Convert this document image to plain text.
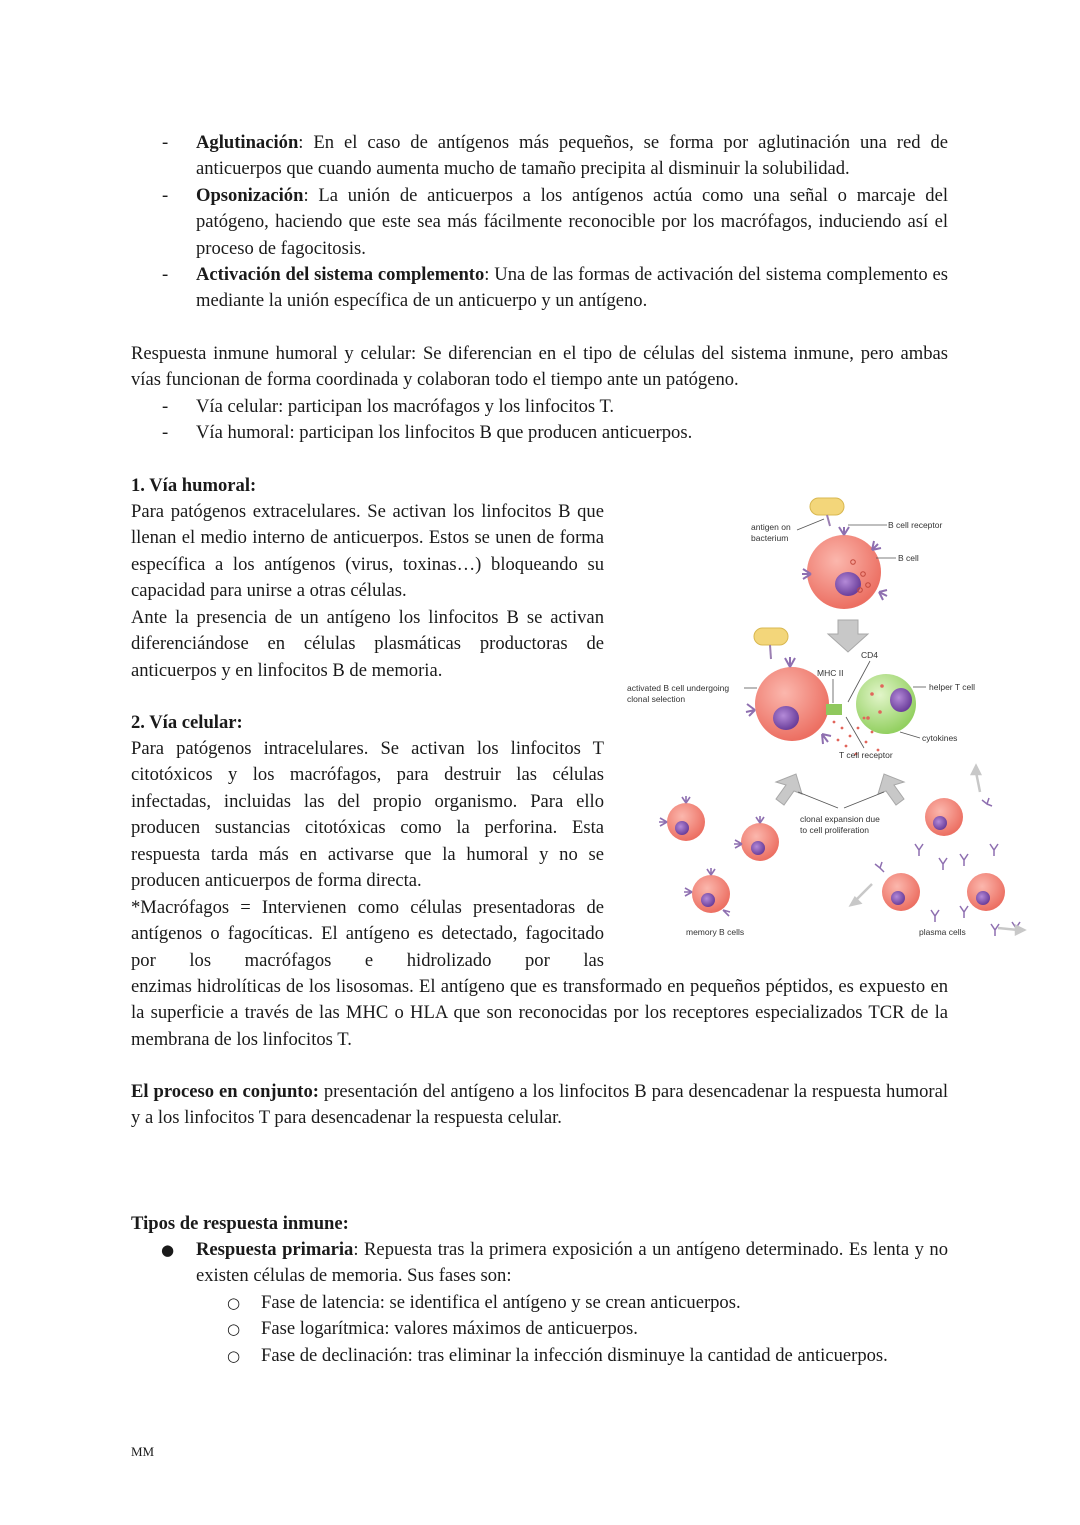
- Aglutinación: En el caso de antígenos más pequeños, se forma por aglutinación una red de anticuerpos que cuando aumenta mucho de tamaño precipita al disminuir la solubilidad.
- Opsonización: La unión de anticuerpos a los antígenos actúa como una señal o marcaje del patógeno, haciendo que este sea más fácilmente reconocible por los macrófagos, induciendo así el proceso de fagocitosis.
- Activación del sistema complemento: Una de las formas de activación del sistema complemento es mediante la unión específica de un anticuerpo y un antígeno.

Respuesta inmune humoral y celular: Se diferencian en el tipo de células del sistema inmune, pero ambas vías funcionan de forma coordinada y colaboran todo el tiempo ante un patógeno.

- Vía celular: participan los macrófagos y los linfocitos T.
- Vía humoral: participan los linfocitos B que producen anticuerpos.

1. Vía humoral:

Para patógenos extracelulares. Se activan los linfocitos B que llenan el medio interno de anticuerpos. Estos se unen de forma específica a los antígenos (virus, toxinas…) bloqueando su capacidad para unirse a otras células.

Ante la presencia de un antígeno los linfocitos B se activan diferenciándose en células plasmáticas productoras de anticuerpos y en linfocitos B de memoria.

2. Vía celular:

Para patógenos intracelulares. Se activan los linfocitos T citotóxicos y los macrófagos, para destruir las células infectadas, incluidas las del propio organismo. Para ello producen sustancias citotóxicas como la perforina. Esta respuesta tarda más en activarse que la humoral y no se producen anticuerpos de forma directa.

*Macrófagos = Intervienen como células presentadoras de antígenos o fagocíticas. El antígeno es detectado, fagocitado por los macrófagos e hidrolizado por las

enzimas hidrolíticas de los lisosomas. El antígeno que es transformado en pequeños péptidos, es expuesto en la superficie a través de las MHC o HLA que son reconocidas por los receptores especializados TCR de la membrana de los linfocitos T.

El proceso en conjunto: presentación del antígeno a los linfocitos B para desencadenar la respuesta humoral y a los linfocitos T para desencadenar la respuesta celular.

Tipos de respuesta inmune:

● Respuesta primaria: Repuesta tras la primera exposición a un antígeno determinado. Es lenta y no existen células de memoria. Sus fases son:
○ Fase de latencia: se identifica el antígeno y se crean anticuerpos.
○ Fase logarítmica: valores máximos de anticuerpos.
○ Fase de declinación: tras eliminar la infección disminuye la cantidad de anticuerpos.
MM
antigen on
bacterium
B cell receptor
B cell
CD4
MHC II
activated B cell undergoing
clonal selection
helper T cell
cytokines
T cell receptor
clonal expansion due
to cell proliferation
memory B cells	plasma cells
